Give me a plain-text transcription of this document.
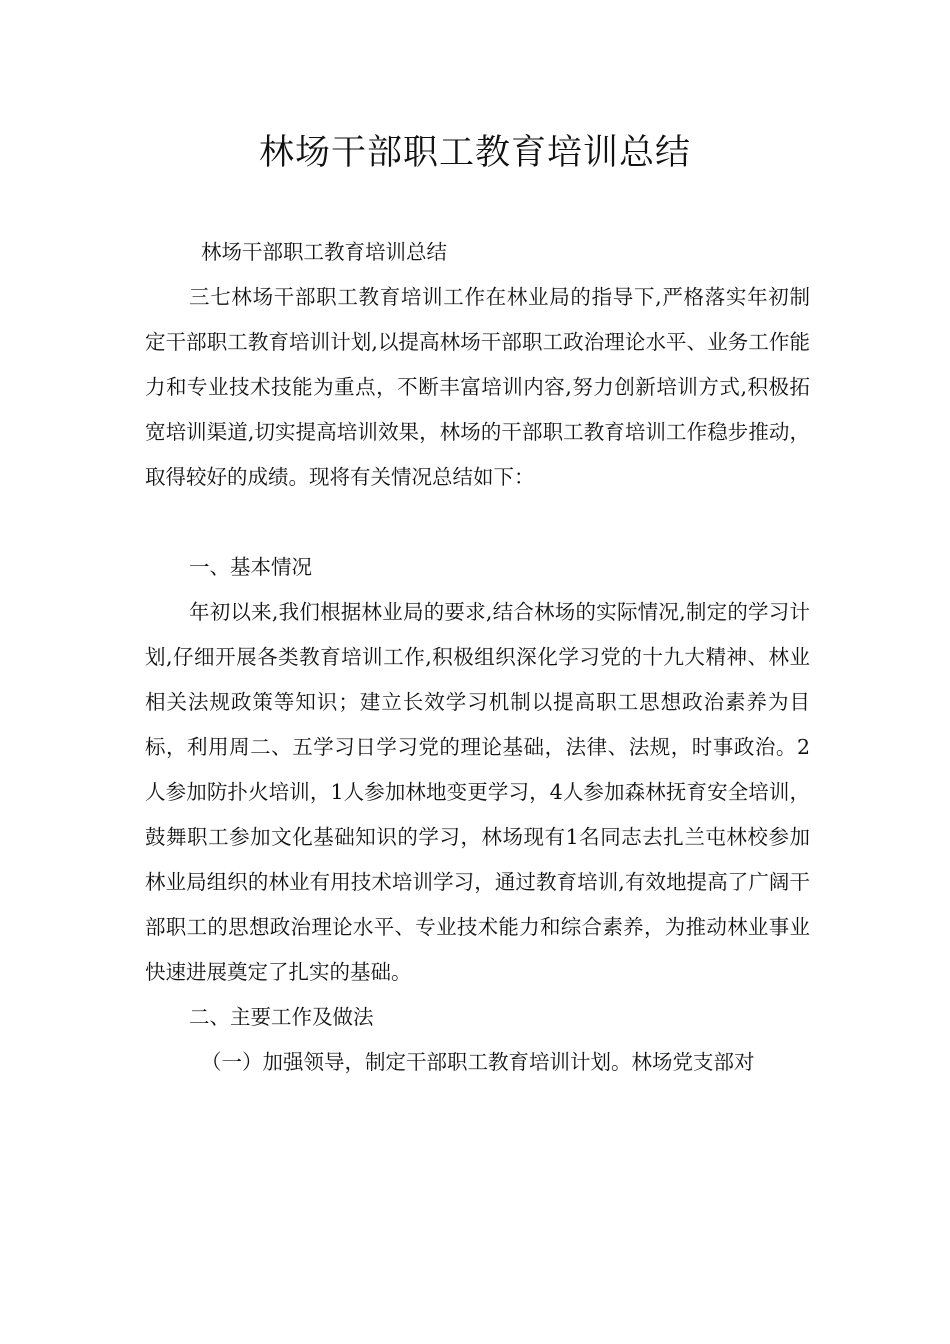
林场干部职工教育培训总结

林场干部职工教育培训总结

三七林场干部职工教育培训工作在林业局的指导下,严格落实年初制定干部职工教育培训计划,以提高林场干部职工政治理论水平、业务工作能力和专业技术技能为重点，不断丰富培训内容,努力创新培训方式,积极拓宽培训渠道,切实提高培训效果，林场的干部职工教育培训工作稳步推动，取得较好的成绩。现将有关情况总结如下：

一、基本情况

年初以来,我们根据林业局的要求,结合林场的实际情况,制定的学习计划,仔细开展各类教育培训工作,积极组织深化学习党的十九大精神、林业相关法规政策等知识；建立长效学习机制以提高职工思想政治素养为目标，利用周二、五学习日学习党的理论基础，法律、法规，时事政治。2人参加防扑火培训，1人参加林地变更学习，4人参加森林抚育安全培训，鼓舞职工参加文化基础知识的学习，林场现有1名同志去扎兰屯林校参加林业局组织的林业有用技术培训学习，通过教育培训,有效地提高了广阔干部职工的思想政治理论水平、专业技术能力和综合素养，为推动林业事业快速进展奠定了扎实的基础。

二、主要工作及做法

（一）加强领导，制定干部职工教育培训计划。林场党支部对
